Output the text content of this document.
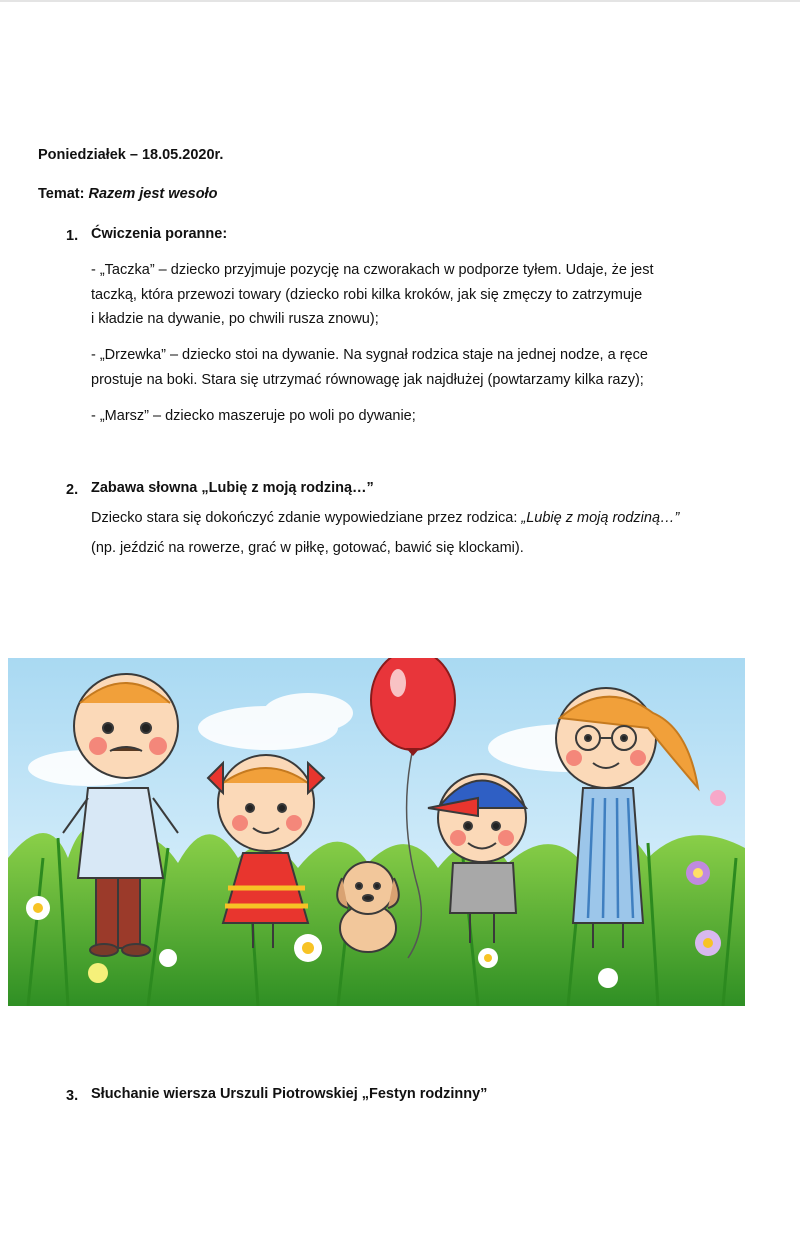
Poniedziałek – 18.05.2020r.
Temat: Razem jest wesoło
1. Ćwiczenia poranne:
- „Taczka” – dziecko przyjmuje pozycję na czworakach w podporze tyłem. Udaje, że jest
taczką, która przewozi towary (dziecko robi kilka kroków, jak się zmęczy to zatrzymuje
i kładzie na dywanie, po chwili rusza znowu);
- „Drzewka” – dziecko stoi na dywanie. Na sygnał rodzica staje na jednej nodze, a ręce
prostuje na boki. Stara się utrzymać równowagę jak najdłużej (powtarzamy kilka razy);
- „Marsz” – dziecko maszeruje po woli po dywanie;
2. Zabawa słowna „Lubię z moją rodziną…”
Dziecko stara się dokończyć zdanie wypowiedziane przez rodzica: „Lubię z moją rodziną…”
(np. jeździć na rowerze, grać w piłkę, gotować, bawić się klockami).
3. Słuchanie wiersza Urszuli Piotrowskiej „Festyn rodzinny”
